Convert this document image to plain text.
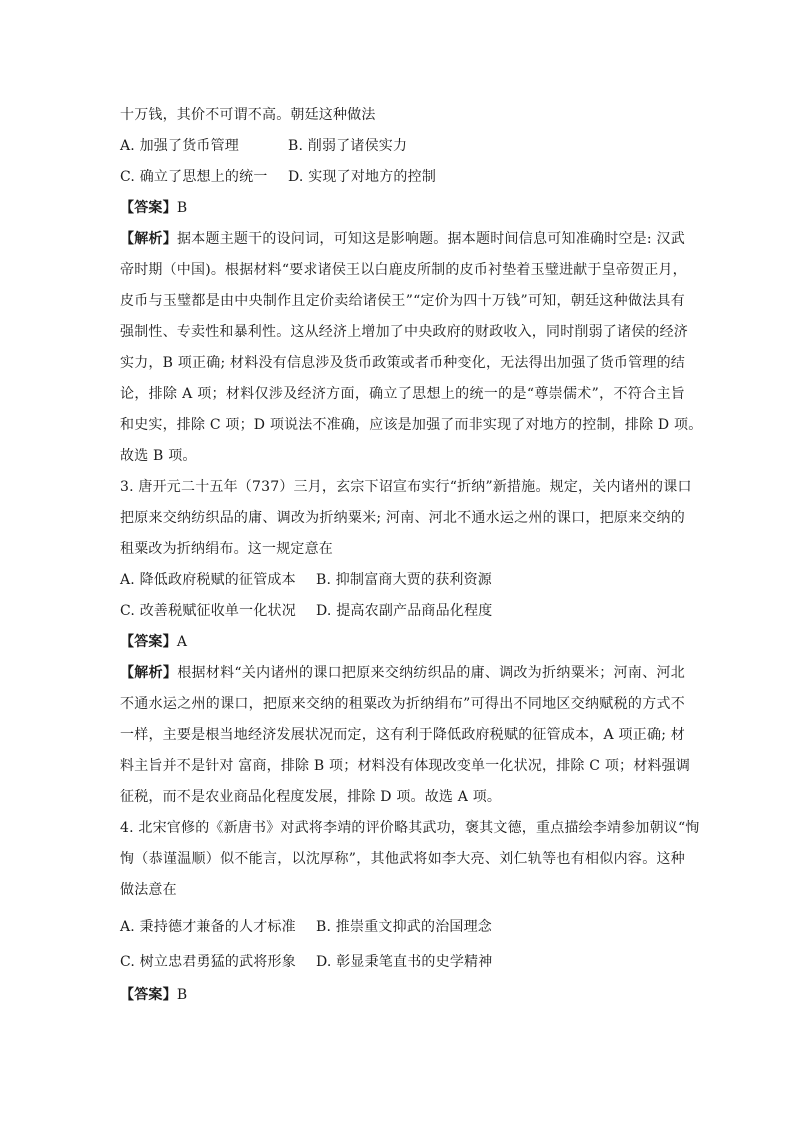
十万钱，其价不可谓不高。朝廷这种做法
A. 加强了货币管理	B. 削弱了诸侯实力
C. 确立了思想上的统一 D. 实现了对地方的控制
【答案】B
【解析】据本题主题干的设问词，可知这是影响题。据本题时间信息可知准确时空是: 汉武
帝时期（中国)。根据材料“要求诸侯王以白鹿皮所制的皮币衬垫着玉璧进献于皇帝贺正月，
皮币与玉璧都是由中央制作且定价卖给诸侯王”“定价为四十万钱”可知，朝廷这种做法具有
强制性、专卖性和暴利性。这从经济上增加了中央政府的财政收入，同时削弱了诸侯的经济
实力，B 项正确; 材料没有信息涉及货币政策或者币种变化，无法得出加强了货币管理的结
论，排除 A 项；材料仅涉及经济方面，确立了思想上的统一的是“尊崇儒术”，不符合主旨
和史实，排除 C 项；D 项说法不准确，应该是加强了而非实现了对地方的控制，排除 D 项。
故选 B 项。
3. 唐开元二十五年（737）三月，玄宗下诏宣布实行“折纳”新措施。规定，关内诸州的课口
把原来交纳纺织品的庸、调改为折纳粟米; 河南、河北不通水运之州的课口，把原来交纳的
租粟改为折纳绢布。这一规定意在
A. 降低政府税赋的征管成本 B. 抑制富商大贾的获利资源
C. 改善税赋征收单一化状况 D. 提高农副产品商品化程度
【答案】A
【解析】根据材料“关内诸州的课口把原来交纳纺织品的庸、调改为折纳粟米；河南、河北
不通水运之州的课口，把原来交纳的租粟改为折纳绢布”可得出不同地区交纳赋税的方式不
一样，主要是根当地经济发展状况而定，这有利于降低政府税赋的征管成本，A 项正确; 材
料主旨并不是针对 富商，排除 B 项；材料没有体现改变单一化状况，排除 C 项；材料强调
征税，而不是农业商品化程度发展，排除 D 项。故选 A 项。
4. 北宋官修的《新唐书》对武将李靖的评价略其武功，褒其文德，重点描绘李靖参加朝议“恂
恂（恭谨温顺）似不能言，以沈厚称”，其他武将如李大亮、刘仁轨等也有相似内容。这种
做法意在
A. 秉持德才兼备的人才标准 B. 推崇重文抑武的治国理念
C. 树立忠君勇猛的武将形象 D. 彰显秉笔直书的史学精神
【答案】B
